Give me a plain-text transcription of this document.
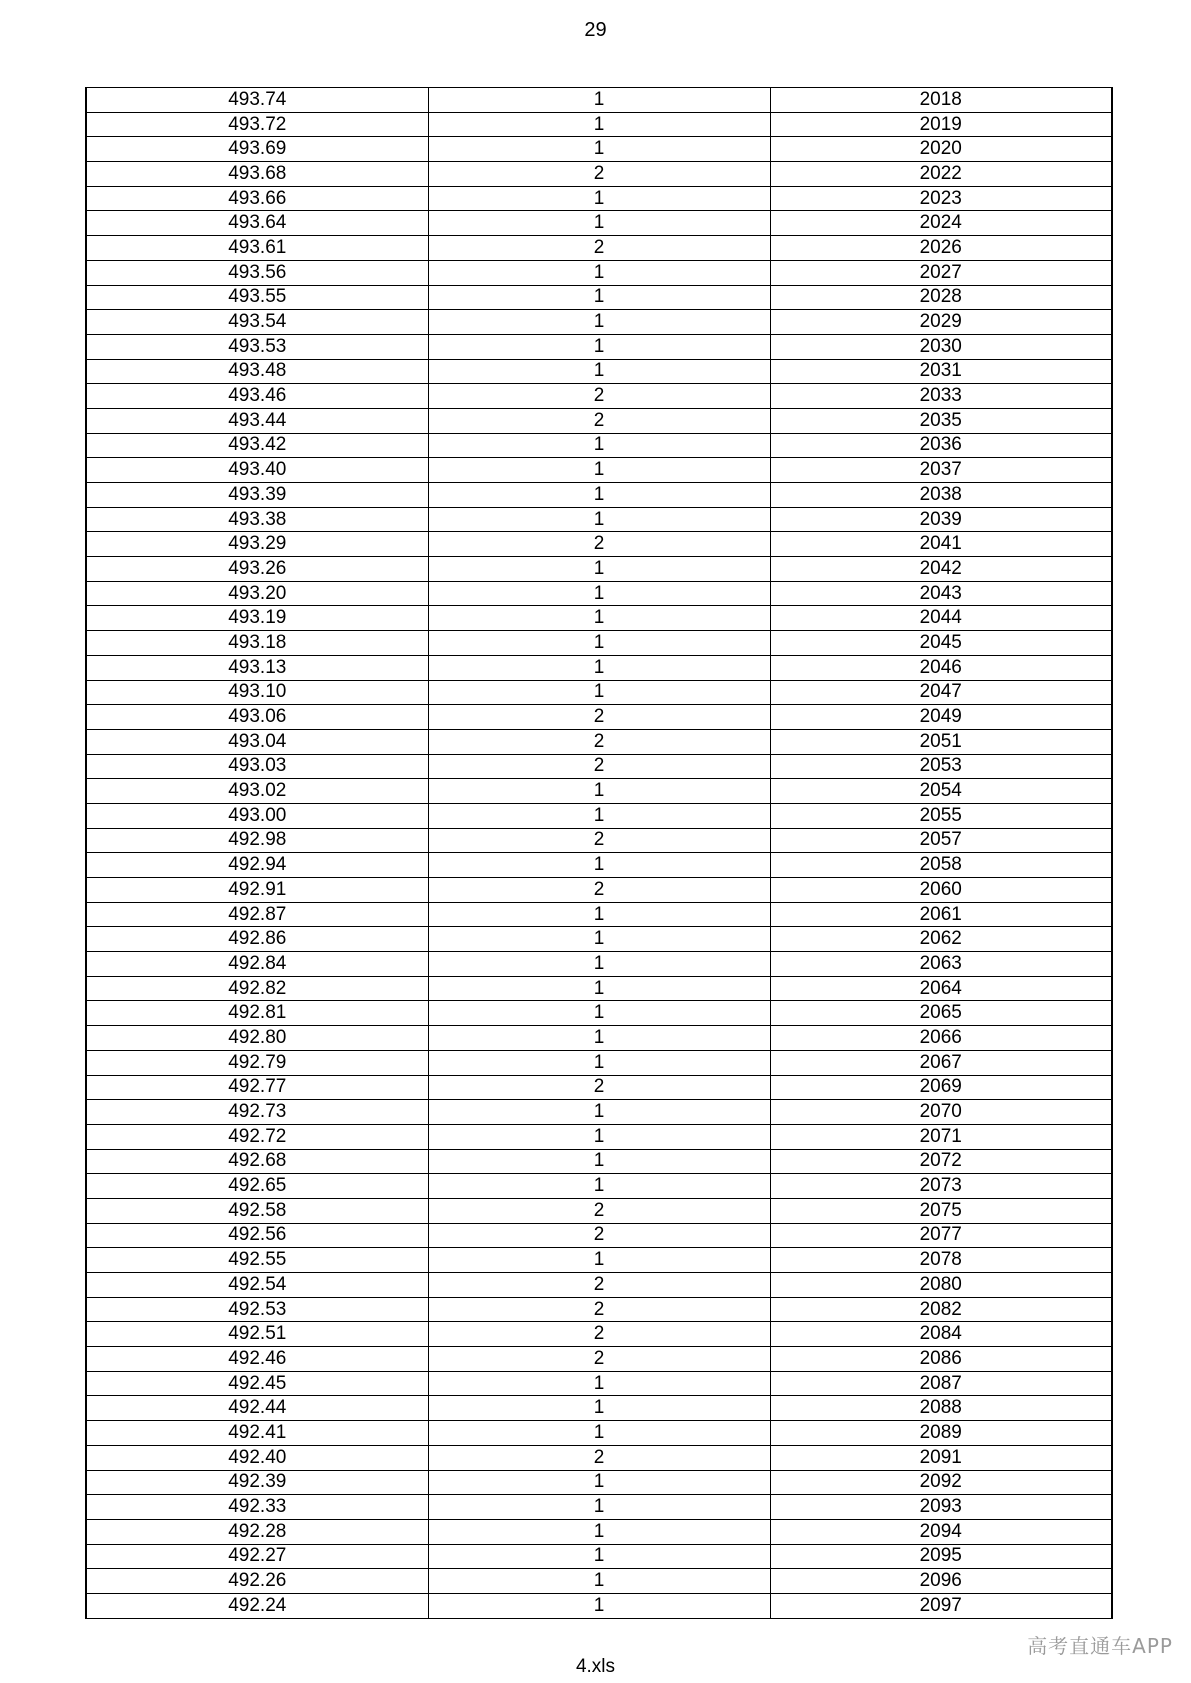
29
493.74	1	2018
493.72	1	2019
493.69	1	2020
493.68	2	2022
493.66	1	2023
493.64	1	2024
493.61	2	2026
493.56	1	2027
493.55	1	2028
493.54	1	2029
493.53	1	2030
493.48	1	2031
493.46	2	2033
493.44	2	2035
493.42	1	2036
493.40	1	2037
493.39	1	2038
493.38	1	2039
493.29	2	2041
493.26	1	2042
493.20	1	2043
493.19	1	2044
493.18	1	2045
493.13	1	2046
493.10	1	2047
493.06	2	2049
493.04	2	2051
493.03	2	2053
493.02	1	2054
493.00	1	2055
492.98	2	2057
492.94	1	2058
492.91	2	2060
492.87	1	2061
492.86	1	2062
492.84	1	2063
492.82	1	2064
492.81	1	2065
492.80	1	2066
492.79	1	2067
492.77	2	2069
492.73	1	2070
492.72	1	2071
492.68	1	2072
492.65	1	2073
492.58	2	2075
492.56	2	2077
492.55	1	2078
492.54	2	2080
492.53	2	2082
492.51	2	2084
492.46	2	2086
492.45	1	2087
492.44	1	2088
492.41	1	2089
492.40	2	2091
492.39	1	2092
492.33	1	2093
492.28	1	2094
492.27	1	2095
492.26	1	2096
492.24	1	2097
4.xls
高考直通车APP
